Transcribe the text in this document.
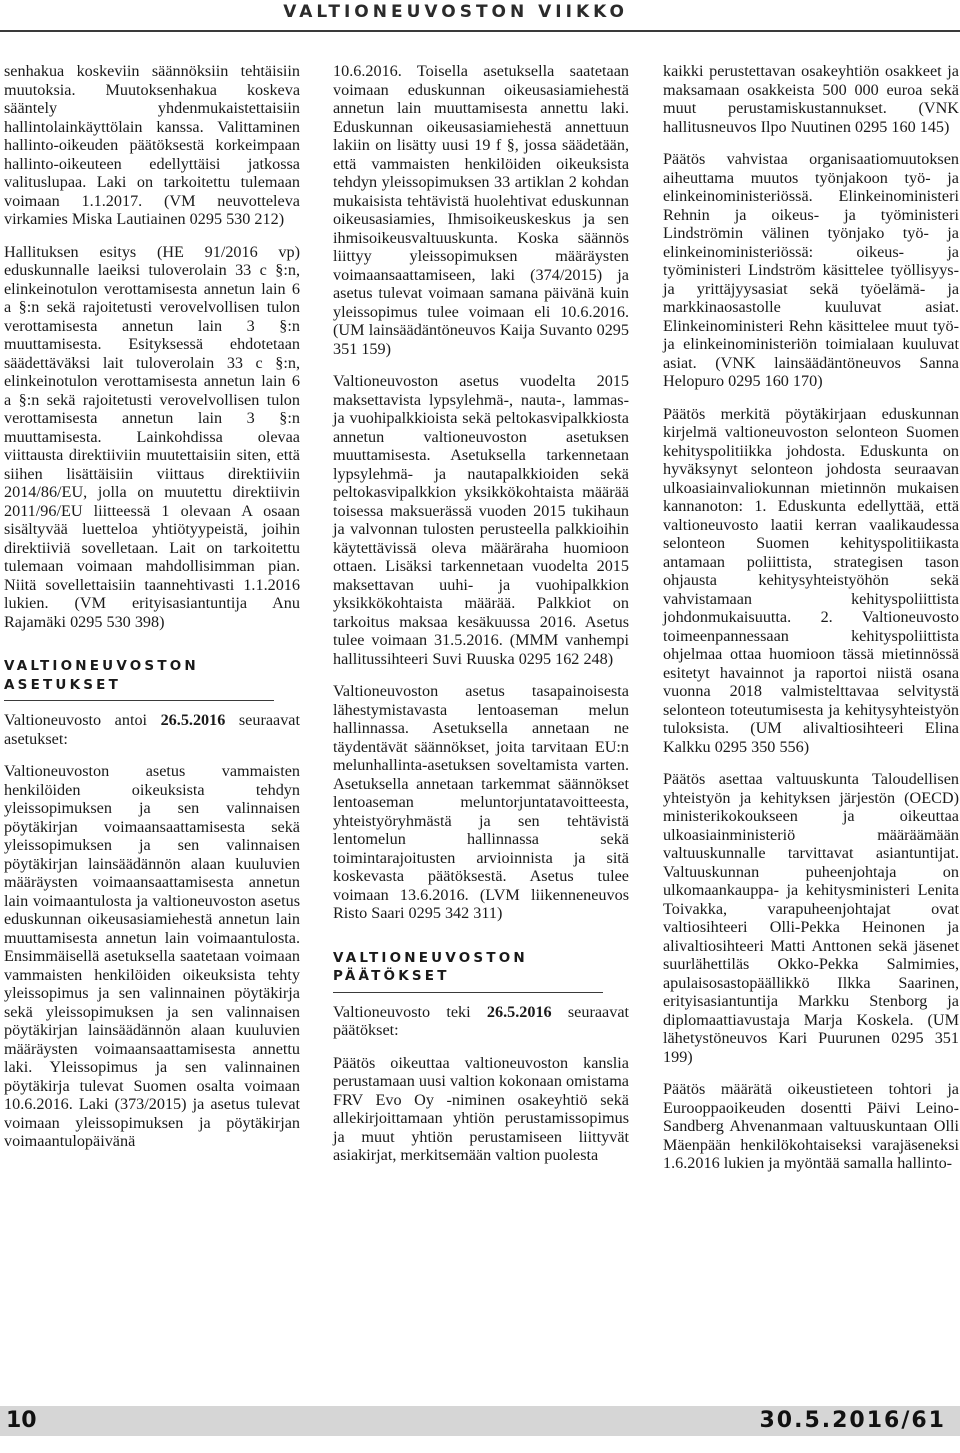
VALTIONEUVOSTON VIIKKO

senhakua koskeviin säännöksiin tehtäisiin muutoksia. Muutoksenhakua koskeva sääntely yhdenmukaistettaisiin hallintolainkäyttölain kanssa. Valittaminen hallinto-oikeuden päätöksestä korkeimpaan hallinto-oikeuteen edellyttäisi jatkossa valituslupaa. Laki on tarkoitettu tulemaan voimaan 1.1.2017. (VM neuvotteleva virkamies Miska Lautiainen 0295 530 212)

Hallituksen esitys (HE 91/2016 vp) eduskunnalle laeiksi tuloverolain 33 c §:n, elinkeinotulon verottamisesta annetun lain 6 a §:n sekä rajoitetusti verovelvollisen tulon verottamisesta annetun lain 3 §:n muuttamisesta. Esityksessä ehdotetaan säädettäväksi lait tuloverolain 33 c §:n, elinkeinotulon verottamisesta annetun lain 6 a §:n sekä rajoitetusti verovelvollisen tulon verottamisesta annetun lain 3 §:n muuttamisesta. Lainkohdissa olevaa viittausta direktiiviin muutettaisiin siten, että siihen lisättäisiin viittaus direktiiviin 2014/86/EU, jolla on muutettu direktiivin 2011/96/EU liitteessä 1 olevaan A osaan sisältyvää luetteloa yhtiötyypeistä, joihin direktiiviä sovelletaan. Lait on tarkoitettu tulemaan voimaan mahdollisimman pian. Niitä sovellettaisiin taannehtivasti 1.1.2016 lukien. (VM erityisasiantuntija Anu Rajamäki 0295 530 398)

VALTIONEUVOSTON ASETUKSET

Valtioneuvosto antoi 26.5.2016 seuraavat asetukset:

Valtioneuvoston asetus vammaisten henkilöiden oikeuksista tehdyn yleissopimuksen ja sen valinnaisen pöytäkirjan voimaansaattamisesta sekä yleissopimuksen ja sen valinnaisen pöytäkirjan lainsäädännön alaan kuuluvien määräysten voimaansaattamisesta annetun lain voimaantulosta ja valtioneuvoston asetus eduskunnan oikeusasiamiehestä annetun lain muuttamisesta annetun lain voimaantulosta. Ensimmäisellä asetuksella saatetaan voimaan vammaisten henkilöiden oikeuksista tehty yleissopimus ja sen valinnainen pöytäkirja sekä yleissopimuksen ja sen valinnaisen pöytäkirjan lainsäädännön alaan kuuluvien määräysten voimaansaattamisesta annettu laki. Yleissopimus ja sen valinnainen pöytäkirja tulevat Suomen osalta voimaan 10.6.2016. Laki (373/2015) ja asetus tulevat voimaan yleissopimuksen ja pöytäkirjan voimaantulopäivänä

10.6.2016. Toisella asetuksella saatetaan voimaan eduskunnan oikeusasiamiehestä annetun lain muuttamisesta annettu laki. Eduskunnan oikeusasiamiehestä annettuun lakiin on lisätty uusi 19 f §, jossa säädetään, että vammaisten henkilöiden oikeuksista tehdyn yleissopimuksen 33 artiklan 2 kohdan mukaisista tehtävistä huolehtivat eduskunnan oikeusasiamies, Ihmisoikeuskeskus ja sen ihmisoikeusvaltuuskunta. Koska säännös liittyy yleissopimuksen määräysten voimaansaattamiseen, laki (374/2015) ja asetus tulevat voimaan samana päivänä kuin yleissopimus tulee voimaan eli 10.6.2016. (UM lainsäädäntöneuvos Kaija Suvanto 0295 351 159)

Valtioneuvoston asetus vuodelta 2015 maksettavista lypsylehmä-, nauta-, lammas- ja vuohipalkkioista sekä peltokasvipalkkiosta annetun valtioneuvoston asetuksen muuttamisesta. Asetuksella tarkennetaan lypsylehmä- ja nautapalkkioiden sekä peltokasvipalkkion yksikkökohtaista määrää toisessa maksuerässä vuoden 2015 tukihaun ja valvonnan tulosten perusteella palkkioihin käytettävissä oleva määräraha huomioon ottaen. Lisäksi tarkennetaan vuodelta 2015 maksettavan uuhi- ja vuohipalkkion yksikkökohtaista määrää. Palkkiot on tarkoitus maksaa kesäkuussa 2016. Asetus tulee voimaan 31.5.2016. (MMM vanhempi hallitussihteeri Suvi Ruuska 0295 162 248)

Valtioneuvoston asetus tasapainoisesta lähestymistavasta lentoaseman melun hallinnassa. Asetuksella annetaan ne täydentävät säännökset, joita tarvitaan EU:n melunhallinta-asetuksen soveltamista varten. Asetuksella annetaan tarkemmat säännökset lentoaseman meluntorjuntatavoitteesta, yhteistyöryhmästä ja sen tehtävistä lentomelun hallinnassa sekä toimintarajoitusten arvioinnista ja sitä koskevasta päätöksestä. Asetus tulee voimaan 13.6.2016. (LVM liikenneneuvos Risto Saari 0295 342 311)

VALTIONEUVOSTON PÄÄTÖKSET

Valtioneuvosto teki 26.5.2016 seuraavat päätökset:

Päätös oikeuttaa valtioneuvoston kanslia perustamaan uusi valtion kokonaan omistama FRV Evo Oy -niminen osakeyhtiö sekä allekirjoittamaan yhtiön perustamissopimus ja muut yhtiön perustamiseen liittyvät asiakirjat, merkitsemään valtion puolesta

kaikki perustettavan osakeyhtiön osakkeet ja maksamaan osakkeista 500 000 euroa sekä muut perustamiskustannukset. (VNK hallitusneuvos Ilpo Nuutinen 0295 160 145)

Päätös vahvistaa organisaatiomuutoksen aiheuttama muutos työnjakoon työ- ja elinkeinoministeriössä. Elinkeinoministeri Rehnin ja oikeus- ja työministeri Lindströmin välinen työnjako työ- ja elinkeinoministeriössä: oikeus- ja työministeri Lindström käsittelee työllisyys- ja yrittäjyysasiat sekä työelämä- ja markkinaosastolle kuuluvat asiat. Elinkeinoministeri Rehn käsittelee muut työ- ja elinkeinoministeriön toimialaan kuuluvat asiat. (VNK lainsäädäntöneuvos Sanna Helopuro 0295 160 170)

Päätös merkitä pöytäkirjaan eduskunnan kirjelmä valtioneuvoston selonteon Suomen kehityspolitiikka johdosta. Eduskunta on hyväksynyt selonteon johdosta seuraavan ulkoasiainvaliokunnan mietinnön mukaisen kannanoton: 1. Eduskunta edellyttää, että valtioneuvosto laatii kerran vaalikaudessa selonteon Suomen kehityspolitiikasta antamaan poliittista, strategisen tason ohjausta kehitysyhteistyöhön sekä vahvistamaan kehityspoliittista johdonmukaisuutta. 2. Valtioneuvosto toimeenpannessaan kehityspoliittista ohjelmaa ottaa huomioon tässä mietinnössä esitetyt havainnot ja raportoi niistä osana vuonna 2018 valmistelttavaa selvitystä selonteon toteutumisesta ja kehitysyhteistyön tuloksista. (UM alivaltiosihteeri Elina Kalkku 0295 350 556)

Päätös asettaa valtuuskunta Taloudellisen yhteistyön ja kehityksen järjestön (OECD) ministerikokoukseen ja oikeuttaa ulkoasiainministeriö määräämään valtuuskunnalle tarvittavat asiantuntijat. Valtuuskunnan puheenjohtaja on ulkomaankauppa- ja kehitysministeri Lenita Toivakka, varapuheenjohtajat ovat valtiosihteeri Olli-Pekka Heinonen ja alivaltiosihteeri Matti Anttonen sekä jäsenet suurlähettiläs Okko-Pekka Salmimies, apulaisosastopäällikkö Ilkka Saarinen, erityisasiantuntija Markku Stenborg ja diplomaattiavustaja Marja Koskela. (UM lähetystöneuvos Kari Puurunen 0295 351 199)

Päätös määrätä oikeustieteen tohtori ja Eurooppaoikeuden dosentti Päivi Leino-Sandberg Ahvenanmaan valtuuskuntaan Olli Mäenpään henkilökohtaiseksi varajäseneksi 1.6.2016 lukien ja myöntää samalla hallinto-

10	30.5.2016/61
